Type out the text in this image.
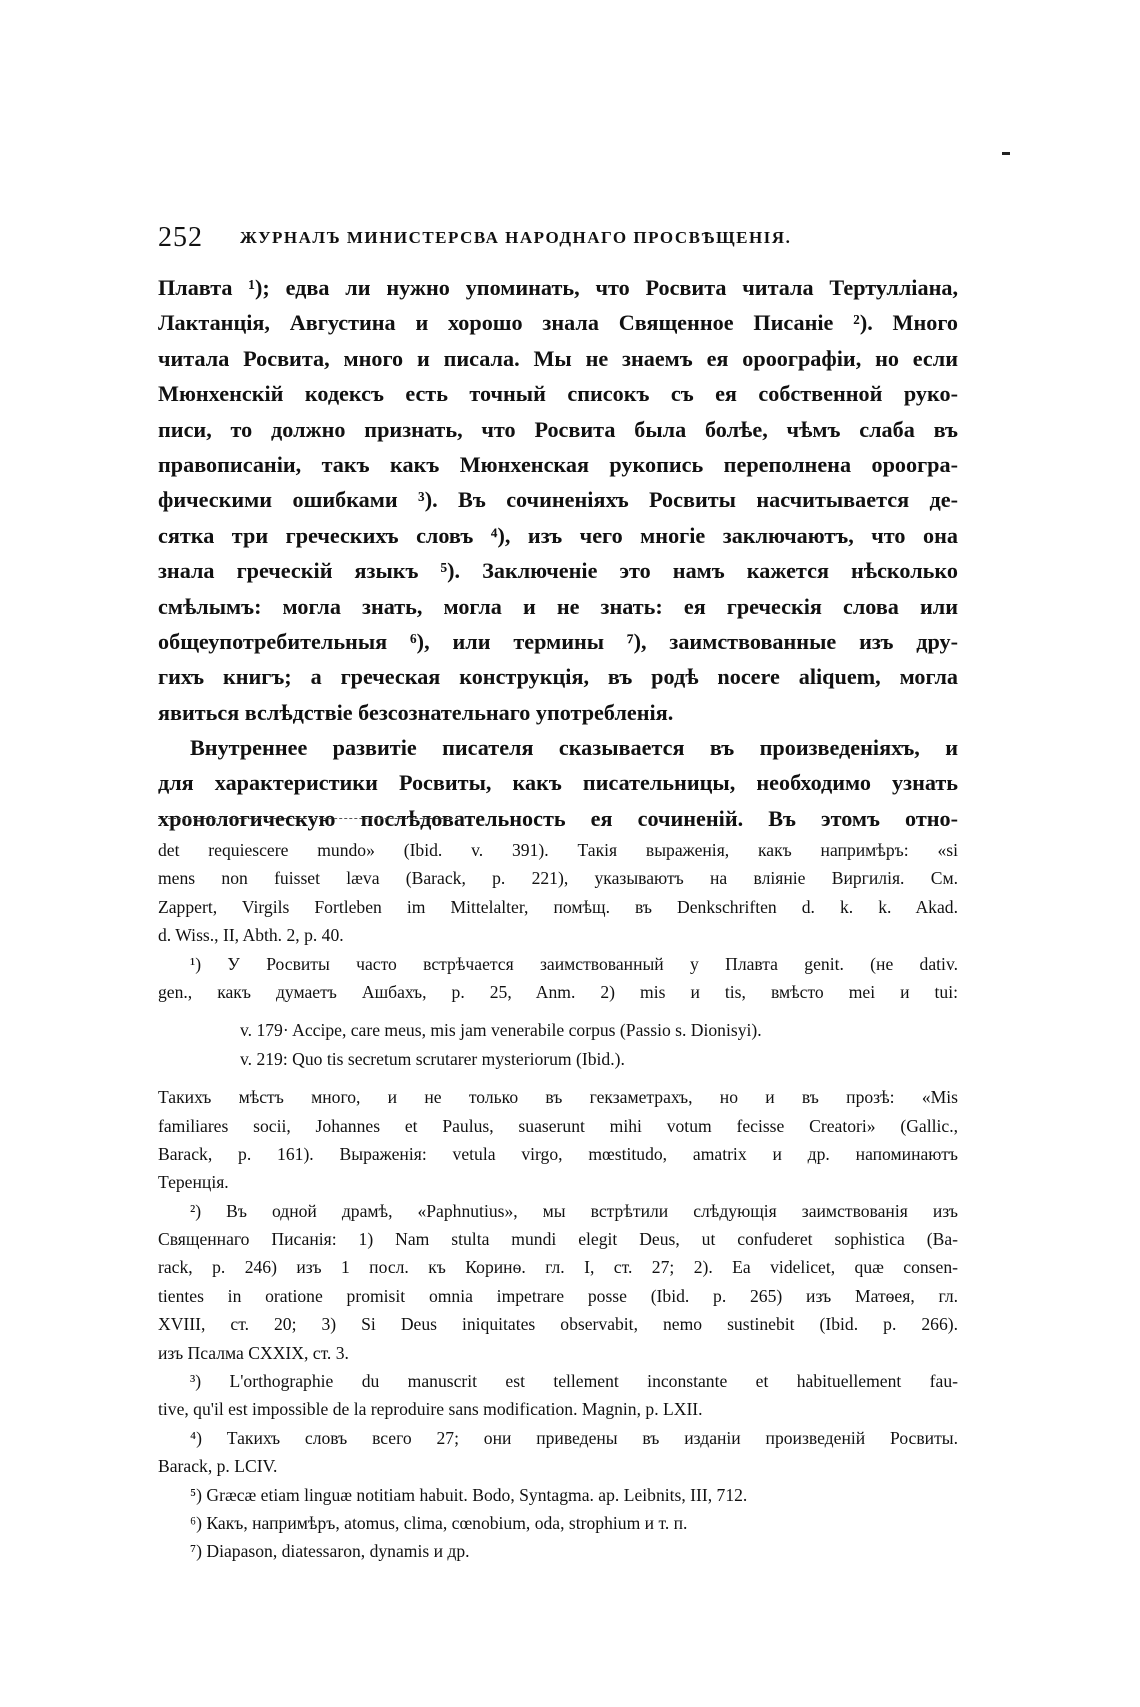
252 ЖУРНАЛЪ МИНИСТЕРСВА НАРОДНАГО ПРОСВѢЩЕНІЯ.
Плавта ¹); едва ли нужно упоминать, что Росвита читала Тертулліана,
Лактанція, Августина и хорошо знала Священное Писаніе ²). Много
читала Росвита, много и писала. Мы не знаемъ ея ороографіи, но если
Мюнхенскій кодексъ есть точный списокъ съ ея собственной руко-
писи, то должно признать, что Росвита была болѣе, чѣмъ слаба въ
правописаніи, такъ какъ Мюнхенская рукопись переполнена ороогра-
фическими ошибками ³). Въ сочиненіяхъ Росвиты насчитывается де-
сятка три греческихъ словъ ⁴), изъ чего многіе заключаютъ, что она
знала греческій языкъ ⁵). Заключеніе это намъ кажется нѣсколько
смѣлымъ: могла знать, могла и не знать: ея греческія слова или
общеупотребительныя ⁶), или термины ⁷), заимствованные изъ дру-
гихъ книгъ; а греческая конструкція, въ родѣ nocere aliquem, могла
явиться вслѣдствіе безсознательнаго употребленія.
Внутреннее развитіе писателя сказывается въ произведеніяхъ, и
для характеристики Росвиты, какъ писательницы, необходимо узнать
хронологическую послѣдовательность ея сочиненій. Въ этомъ отно-
det requiescere mundo» (Ibid. v. 391). Такія выраженія, какъ напримѣръ: «si
mens non fuisset læva (Barack, p. 221), указываютъ на вліяніе Виргилія. См.
Zappert, Virgils Fortleben im Mittelalter, помѣщ. въ Denkschriften d. k. k. Akad.
d. Wiss., II, Abth. 2, p. 40.
¹) У Росвиты часто встрѣчается заимствованный у Плавта genit. (не dativ.
gen., какъ думаетъ Ашбахъ, p. 25, Anm. 2) mis и tis, вмѣсто mei и tui:
v. 179· Accipe, care meus, mis jam venerabile corpus (Passio s. Dionisyi).
v. 219: Quo tis secretum scrutarer mysteriorum (Ibid.).
Такихъ мѣстъ много, и не только въ гекзаметрахъ, но и въ прозѣ: «Mis
familiares socii, Johannes et Paulus, suaserunt mihi votum fecisse Creatori» (Gallic.,
Barack, p. 161). Выраженія: vetula virgo, mœstitudo, amatrix и др. напоминаютъ
Теренція.
²) Въ одной драмѣ, «Paphnutius», мы встрѣтили слѣдующія заимствованія изъ
Священнаго Писанія: 1) Nam stulta mundi elegit Deus, ut confuderet sophistica (Ba-
rack, p. 246) изъ 1 посл. къ Коринѳ. гл. I, ст. 27; 2). Ea videlicet, quæ consen-
tientes in oratione promisit omnia impetrare posse (Ibid. p. 265) изъ Матѳея, гл.
XVIII, ст. 20; 3) Si Deus iniquitates observabit, nemo sustinebit (Ibid. p. 266).
изъ Псалма CXXIX, ст. 3.
³) L'orthographie du manuscrit est tellement inconstante et habituellement fau-
tive, qu'il est impossible de la reproduire sans modification. Magnin, p. LXII.
⁴) Такихъ словъ всего 27; они приведены въ изданіи произведеній Росвиты.
Barack, p. LCIV.
⁵) Græcæ etiam linguæ notitiam habuit. Bodo, Syntagma. ap. Leibnits, III, 712.
⁶) Какъ, напримѣръ, atomus, clima, cœnobium, oda, strophium и т. п.
⁷) Diapason, diatessaron, dynamis и др.
